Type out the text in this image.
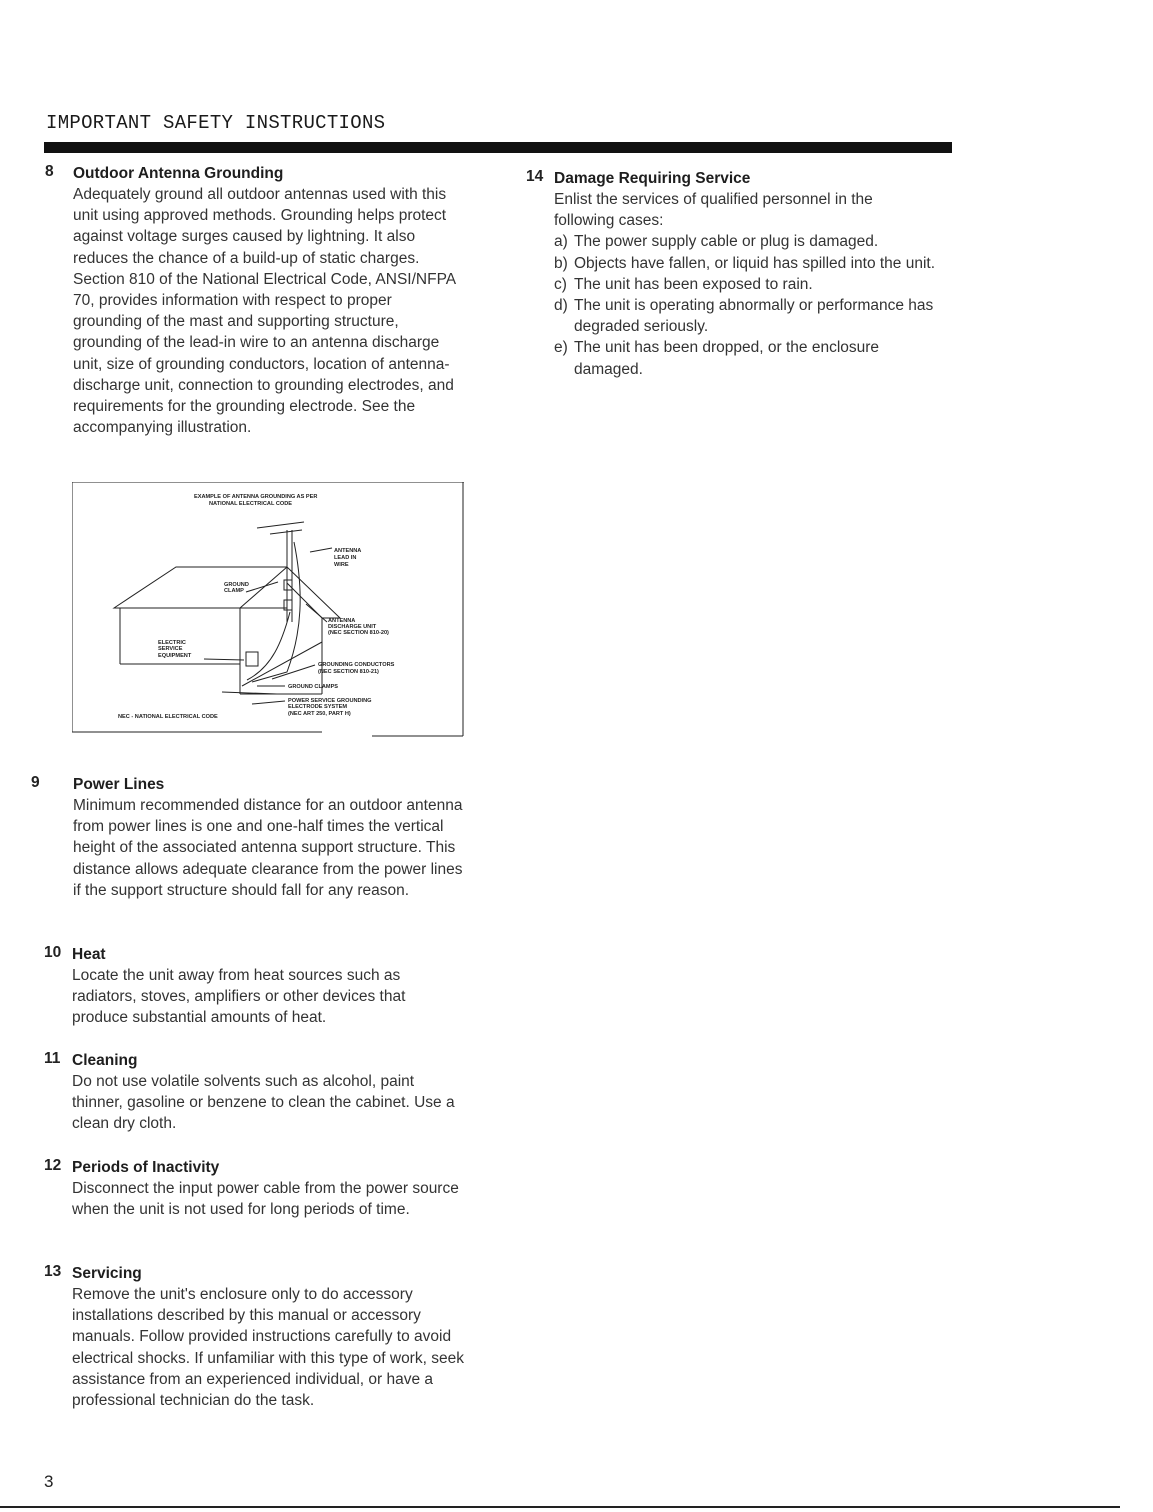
IMPORTANT SAFETY INSTRUCTIONS
8 Outdoor Antenna Grounding
Adequately ground all outdoor antennas used with this unit using approved methods. Grounding helps protect against voltage surges caused by lightning. It also reduces the chance of a build-up of static charges. Section 810 of the National Electrical Code, ANSI/NFPA 70, provides information with respect to proper grounding of the mast and supporting structure, grounding of the lead-in wire to an antenna discharge unit, size of grounding conductors, location of antenna-discharge unit, connection to grounding electrodes, and requirements for the grounding electrode. See the accompanying illustration.
EXAMPLE OF ANTENNA GROUNDING AS PER
NATIONAL ELECTRICAL CODE
ANTENNA
LEAD IN
WIRE
GROUND
CLAMP
ANTENNA
DISCHARGE UNIT
(NEC SECTION 810-20)
ELECTRIC
SERVICE
EQUIPMENT
GROUNDING CONDUCTORS
(NEC SECTION 810-21)
GROUND CLAMPS
POWER SERVICE GROUNDING
ELECTRODE SYSTEM
(NEC ART 250, PART H)
NEC - NATIONAL ELECTRICAL CODE
9 Power Lines
Minimum recommended distance for an outdoor antenna from power lines is one and one-half times the vertical height of the associated antenna support structure. This distance allows adequate clearance from the power lines if the support structure should fall for any reason.
10 Heat
Locate the unit away from heat sources such as radiators, stoves, amplifiers or other devices that produce substantial amounts of heat.
11 Cleaning
Do not use volatile solvents such as alcohol, paint thinner, gasoline or benzene to clean the cabinet. Use a clean dry cloth.
12 Periods of Inactivity
Disconnect the input power cable from the power source when the unit is not used for long periods of time.
13 Servicing
Remove the unit's enclosure only to do accessory installations described by this manual or accessory manuals. Follow provided instructions carefully to avoid electrical shocks. If unfamiliar with this type of work, seek assistance from an experienced individual, or have a professional technician do the task.
14 Damage Requiring Service
Enlist the services of qualified personnel in the following cases:
a) The power supply cable or plug is damaged.
b) Objects have fallen, or liquid has spilled into the unit.
c) The unit has been exposed to rain.
d) The unit is operating abnormally or performance has degraded seriously.
e) The unit has been dropped, or the enclosure damaged.
3
